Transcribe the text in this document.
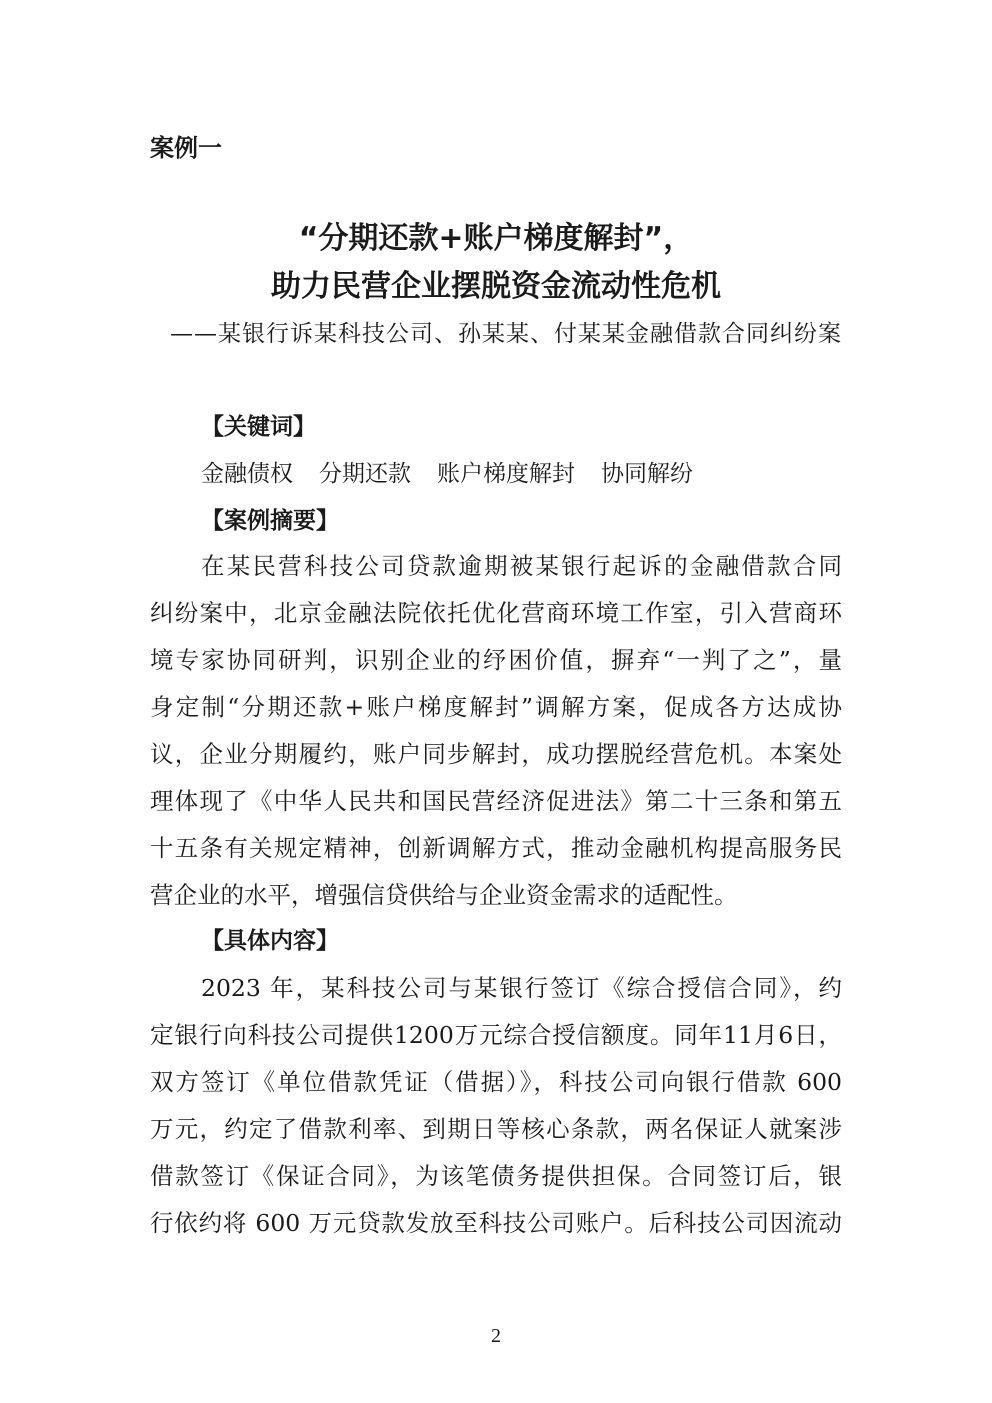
案例一
“分期还款+账户梯度解封”，
助力民营企业摆脱资金流动性危机
——某银行诉某科技公司、孙某某、付某某金融借款合同纠纷案
【关键词】
金融债权 分期还款 账户梯度解封 协同解纷
【案例摘要】
在某民营科技公司贷款逾期被某银行起诉的金融借款合同
纠纷案中，北京金融法院依托优化营商环境工作室，引入营商环
境专家协同研判，识别企业的纾困价值，摒弃“一判了之”，量
身定制“分期还款+账户梯度解封”调解方案，促成各方达成协
议，企业分期履约，账户同步解封，成功摆脱经营危机。本案处
理体现了《中华人民共和国民营经济促进法》第二十三条和第五
十五条有关规定精神，创新调解方式，推动金融机构提高服务民
营企业的水平，增强信贷供给与企业资金需求的适配性。
【具体内容】
2023 年，某科技公司与某银行签订《综合授信合同》，约
定银行向科技公司提供1200万元综合授信额度。同年11月6日，
双方签订《单位借款凭证（借据）》，科技公司向银行借款 600
万元，约定了借款利率、到期日等核心条款，两名保证人就案涉
借款签订《保证合同》，为该笔债务提供担保。合同签订后，银
行依约将 600 万元贷款发放至科技公司账户。后科技公司因流动
2
